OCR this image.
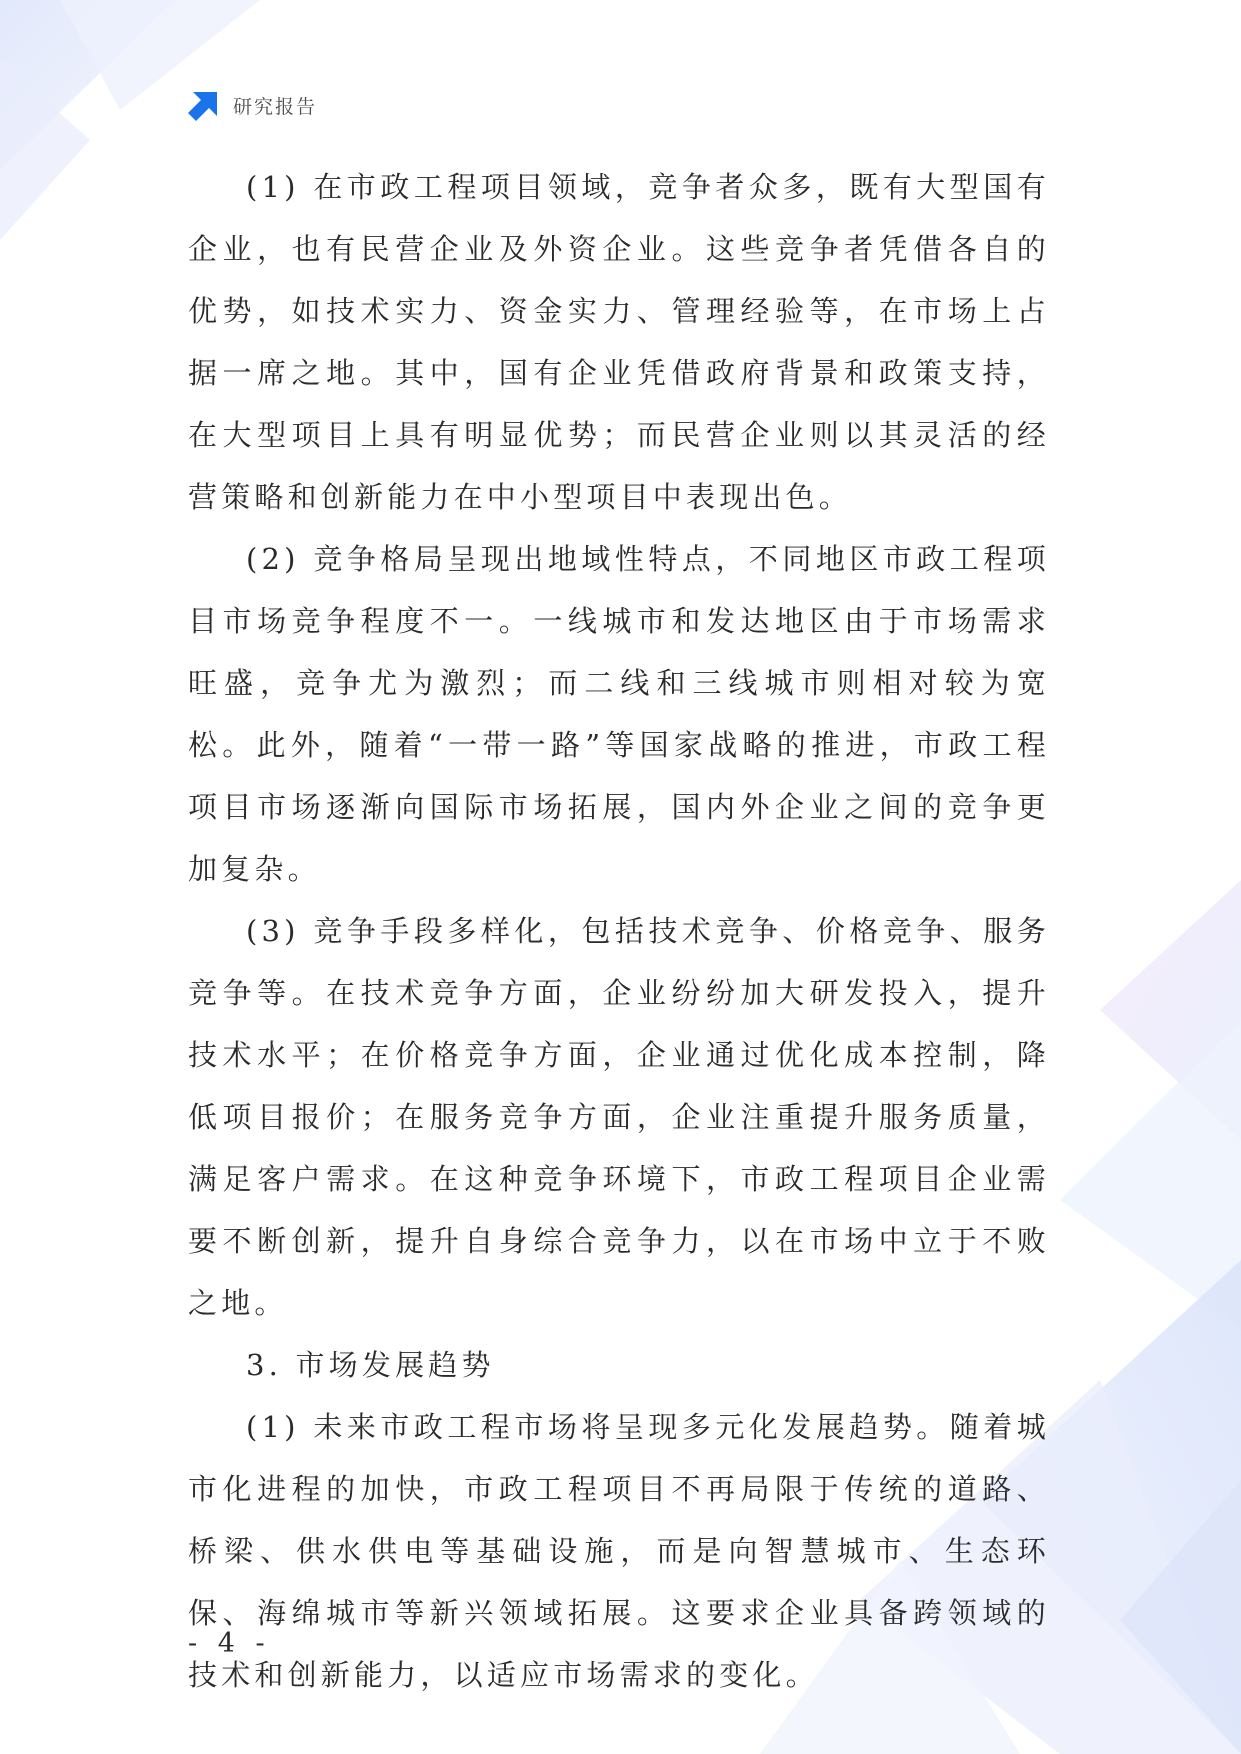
研究报告

(1) 在市政工程项目领域，竞争者众多，既有大型国有企业，也有民营企业及外资企业。这些竞争者凭借各自的优势，如技术实力、资金实力、管理经验等，在市场上占据一席之地。其中，国有企业凭借政府背景和政策支持，在大型项目上具有明显优势；而民营企业则以其灵活的经营策略和创新能力在中小型项目中表现出色。

(2) 竞争格局呈现出地域性特点，不同地区市政工程项目市场竞争程度不一。一线城市和发达地区由于市场需求旺盛，竞争尤为激烈；而二线和三线城市则相对较为宽松。此外，随着“一带一路”等国家战略的推进，市政工程项目市场逐渐向国际市场拓展，国内外企业之间的竞争更加复杂。

(3) 竞争手段多样化，包括技术竞争、价格竞争、服务竞争等。在技术竞争方面，企业纷纷加大研发投入，提升技术水平；在价格竞争方面，企业通过优化成本控制，降低项目报价；在服务竞争方面，企业注重提升服务质量，满足客户需求。在这种竞争环境下，市政工程项目企业需要不断创新，提升自身综合竞争力，以在市场中立于不败之地。

3. 市场发展趋势

(1) 未来市政工程市场将呈现多元化发展趋势。随着城市化进程的加快，市政工程项目不再局限于传统的道路、桥梁、供水供电等基础设施，而是向智慧城市、生态环保、海绵城市等新兴领域拓展。这要求企业具备跨领域的技术和创新能力，以适应市场需求的变化。

- 4 -
